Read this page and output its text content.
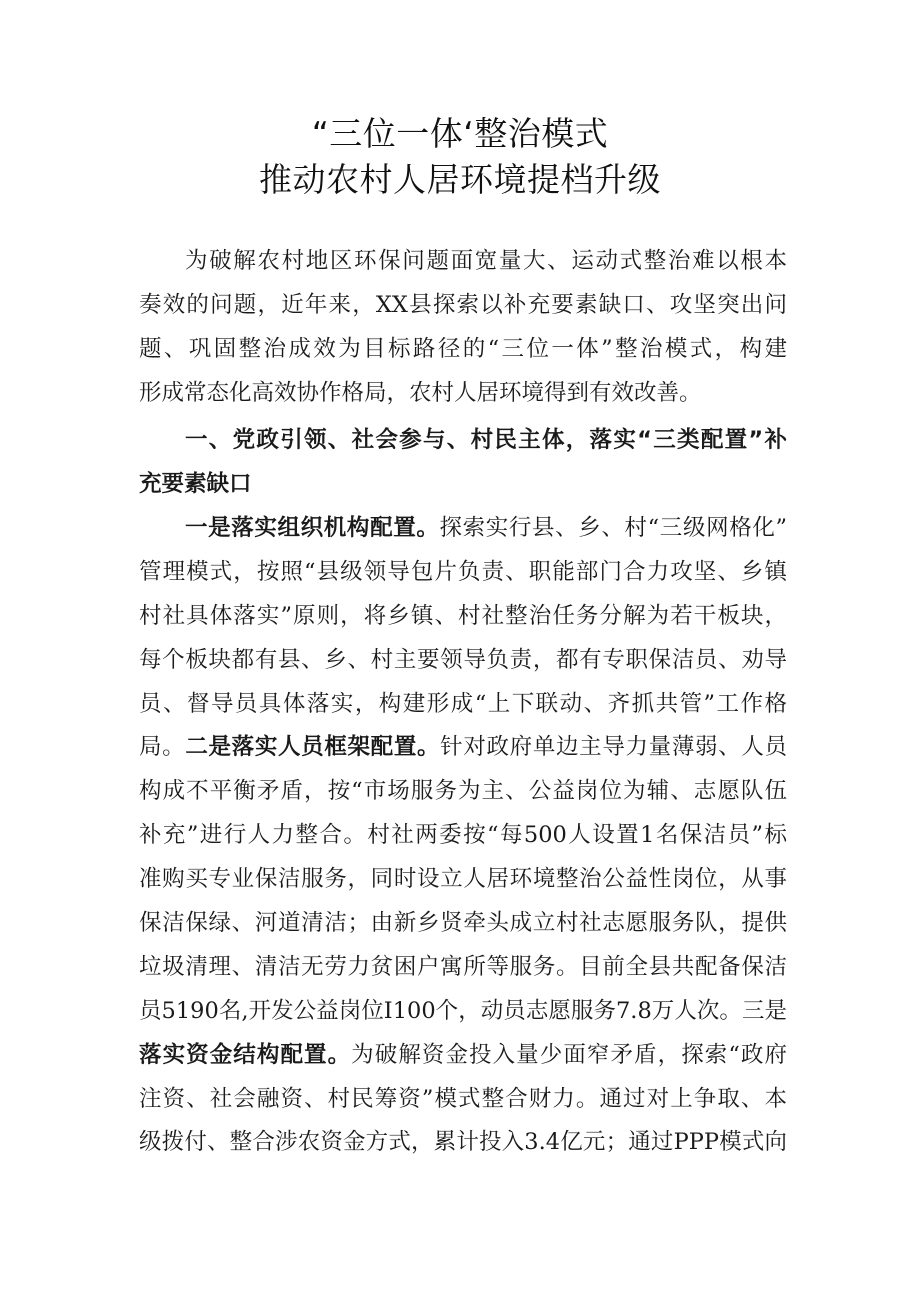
“三位一体‘整治模式
推动农村人居环境提档升级
为破解农村地区环保问题面宽量大、运动式整治难以根本
奏效的问题，近年来，XX县探索以补充要素缺口、攻坚突出问
题、巩固整治成效为目标路径的“三位一体”整治模式，构建
形成常态化高效协作格局，农村人居环境得到有效改善。
一、党政引领、社会参与、村民主体，落实“三类配置”补
充要素缺口
一是落实组织机构配置。探索实行县、乡、村“三级网格化”
管理模式，按照“县级领导包片负责、职能部门合力攻坚、乡镇
村社具体落实”原则，将乡镇、村社整治任务分解为若干板块，
每个板块都有县、乡、村主要领导负责，都有专职保洁员、劝导
员、督导员具体落实，构建形成“上下联动、齐抓共管”工作格
局。二是落实人员框架配置。针对政府单边主导力量薄弱、人员
构成不平衡矛盾，按“市场服务为主、公益岗位为辅、志愿队伍
补充”进行人力整合。村社两委按“每500人设置1名保洁员”标
准购买专业保洁服务，同时设立人居环境整治公益性岗位，从事
保洁保绿、河道清洁；由新乡贤牵头成立村社志愿服务队，提供
垃圾清理、清洁无劳力贫困户寓所等服务。目前全县共配备保洁
员5190名,开发公益岗位I100个，动员志愿服务7.8万人次。三是
落实资金结构配置。为破解资金投入量少面窄矛盾，探索“政府
注资、社会融资、村民筹资”模式整合财力。通过对上争取、本
级拨付、整合涉农资金方式，累计投入3.4亿元；通过PPP模式向
